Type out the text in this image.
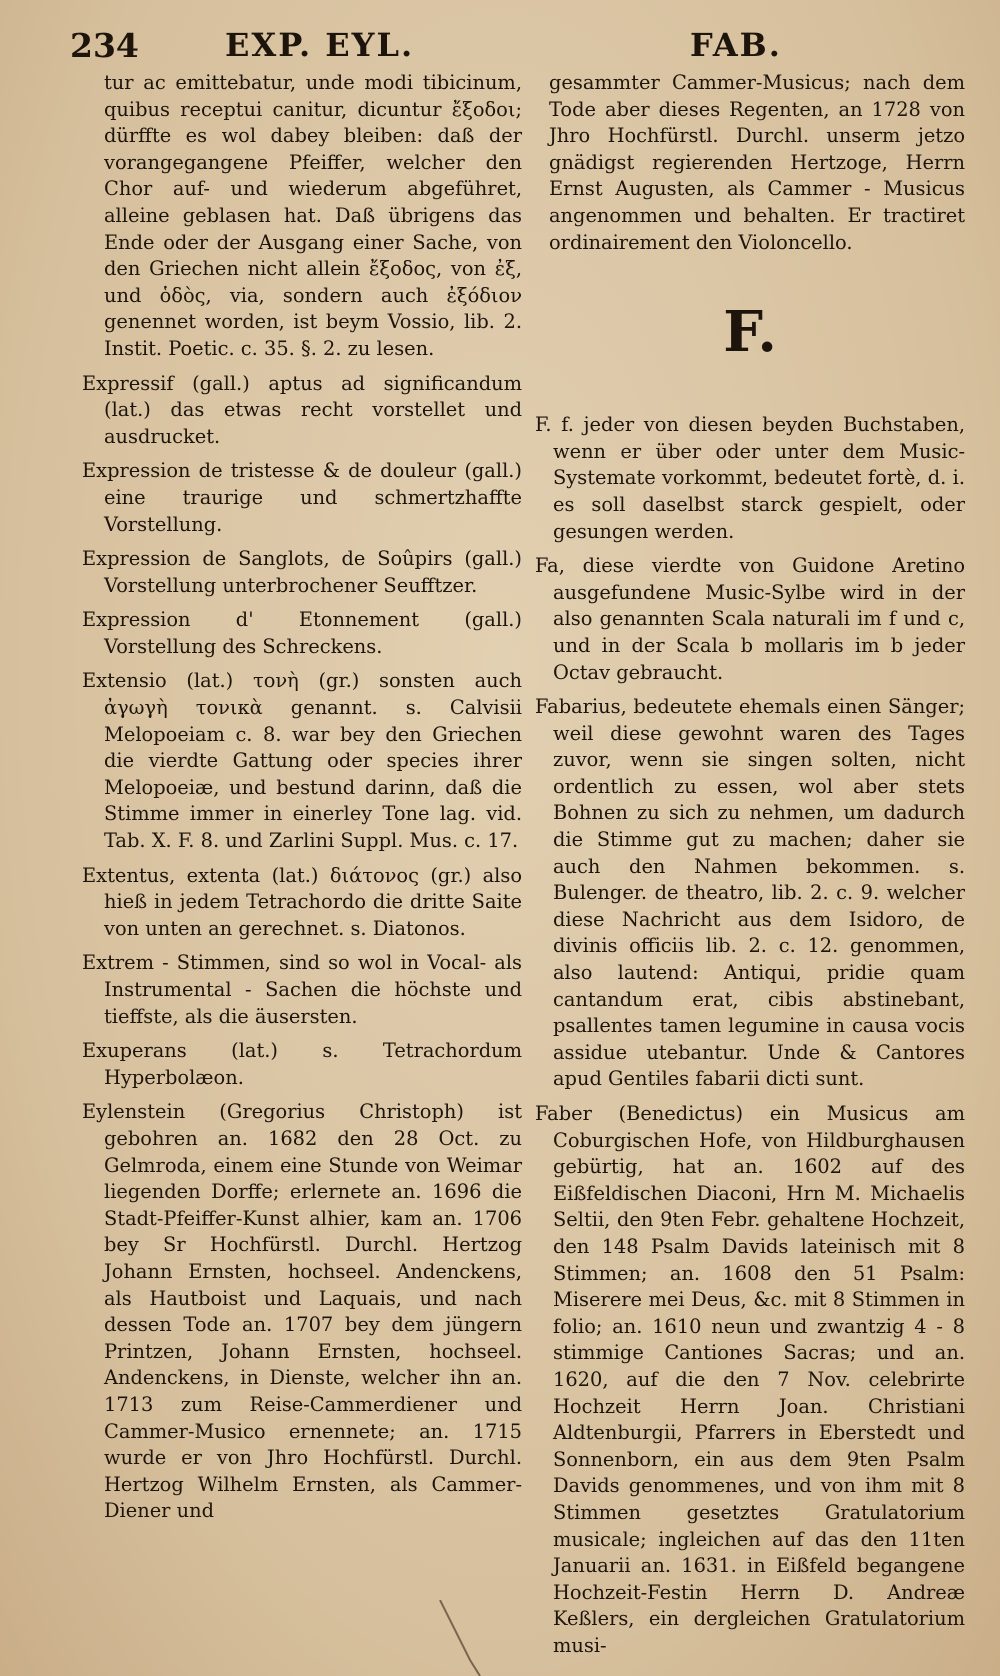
234	EXP. EYL.	FAB.

tur ac emittebatur, unde modi tibicinum, quibus receptui canitur, dicuntur ἔξοδοι; dürffte es wol dabey bleiben: daß der vorangegangene Pfeiffer, welcher den Chor auf- und wiederum abgeführet, alleine geblasen hat. Daß übrigens das Ende oder der Ausgang einer Sache, von den Griechen nicht allein ἔξοδος, von ἐξ, und ὁδὸς, via, sondern auch ἐξόδιον genennet worden, ist beym Vossio, lib. 2. Instit. Poetic. c. 35. §. 2. zu lesen.

Expressif (gall.) aptus ad significandum (lat.) das etwas recht vorstellet und ausdrucket.

Expression de tristesse & de douleur (gall.) eine traurige und schmertzhaffte Vorstellung.

Expression de Sanglots, de Soûpirs (gall.) Vorstellung unterbrochener Seufftzer.

Expression d' Etonnement (gall.) Vorstellung des Schreckens.

Extensio (lat.) τονὴ (gr.) sonsten auch ἀγωγὴ τονικὰ genannt. s. Calvisii Melopoeiam c. 8. war bey den Griechen die vierdte Gattung oder species ihrer Melopoeiæ, und bestund darinn, daß die Stimme immer in einerley Tone lag. vid. Tab. X. F. 8. und Zarlini Suppl. Mus. c. 17.

Extentus, extenta (lat.) διάτονος (gr.) also hieß in jedem Tetrachordo die dritte Saite von unten an gerechnet. s. Diatonos.

Extrem - Stimmen, sind so wol in Vocal- als Instrumental - Sachen die höchste und tieffste, als die äusersten.

Exuperans (lat.) s. Tetrachordum Hyperbolæon.

Eylenstein (Gregorius Christoph) ist gebohren an. 1682 den 28 Oct. zu Gelmroda, einem eine Stunde von Weimar liegenden Dorffe; erlernete an. 1696 die Stadt-Pfeiffer-Kunst alhier, kam an. 1706 bey Sr Hochfürstl. Durchl. Hertzog Johann Ernsten, hochseel. Andenckens, als Hautboist und Laquais, und nach dessen Tode an. 1707 bey dem jüngern Printzen, Johann Ernsten, hochseel. Andenckens, in Dienste, welcher ihn an. 1713 zum Reise-Cammerdiener und Cammer-Musico ernennete; an. 1715 wurde er von Jhro Hochfürstl. Durchl. Hertzog Wilhelm Ernsten, als Cammer-Diener und

gesammter Cammer-Musicus; nach dem Tode aber dieses Regenten, an 1728 von Jhro Hochfürstl. Durchl. unserm jetzo gnädigst regierenden Hertzoge, Herrn Ernst Augusten, als Cammer - Musicus angenommen und behalten. Er tractiret ordinairement den Violoncello.

F.

F. f. jeder von diesen beyden Buchstaben, wenn er über oder unter dem Music-Systemate vorkommt, bedeutet fortè, d. i. es soll daselbst starck gespielt, oder gesungen werden.

Fa, diese vierdte von Guidone Aretino ausgefundene Music-Sylbe wird in der also genannten Scala naturali im f und c, und in der Scala b mollaris im b jeder Octav gebraucht.

Fabarius, bedeutete ehemals einen Sänger; weil diese gewohnt waren des Tages zuvor, wenn sie singen solten, nicht ordentlich zu essen, wol aber stets Bohnen zu sich zu nehmen, um dadurch die Stimme gut zu machen; daher sie auch den Nahmen bekommen. s. Bulenger. de theatro, lib. 2. c. 9. welcher diese Nachricht aus dem Isidoro, de divinis officiis lib. 2. c. 12. genommen, also lautend: Antiqui, pridie quam cantandum erat, cibis abstinebant, psallentes tamen legumine in causa vocis assidue utebantur. Unde & Cantores apud Gentiles fabarii dicti sunt.

Faber (Benedictus) ein Musicus am Coburgischen Hofe, von Hildburghausen gebürtig, hat an. 1602 auf des Eißfeldischen Diaconi, Hrn M. Michaelis Seltii, den 9ten Febr. gehaltene Hochzeit, den 148 Psalm Davids lateinisch mit 8 Stimmen; an. 1608 den 51 Psalm: Miserere mei Deus, &c. mit 8 Stimmen in folio; an. 1610 neun und zwantzig 4 - 8 stimmige Cantiones Sacras; und an. 1620, auf die den 7 Nov. celebrirte Hochzeit Herrn Joan. Christiani Aldtenburgii, Pfarrers in Eberstedt und Sonnenborn, ein aus dem 9ten Psalm Davids genommenes, und von ihm mit 8 Stimmen gesetztes Gratulatorium musicale; ingleichen auf das den 11ten Januarii an. 1631. in Eißfeld begangene Hochzeit-Festin Herrn D. Andreæ Keßlers, ein dergleichen Gratulatorium musi-
